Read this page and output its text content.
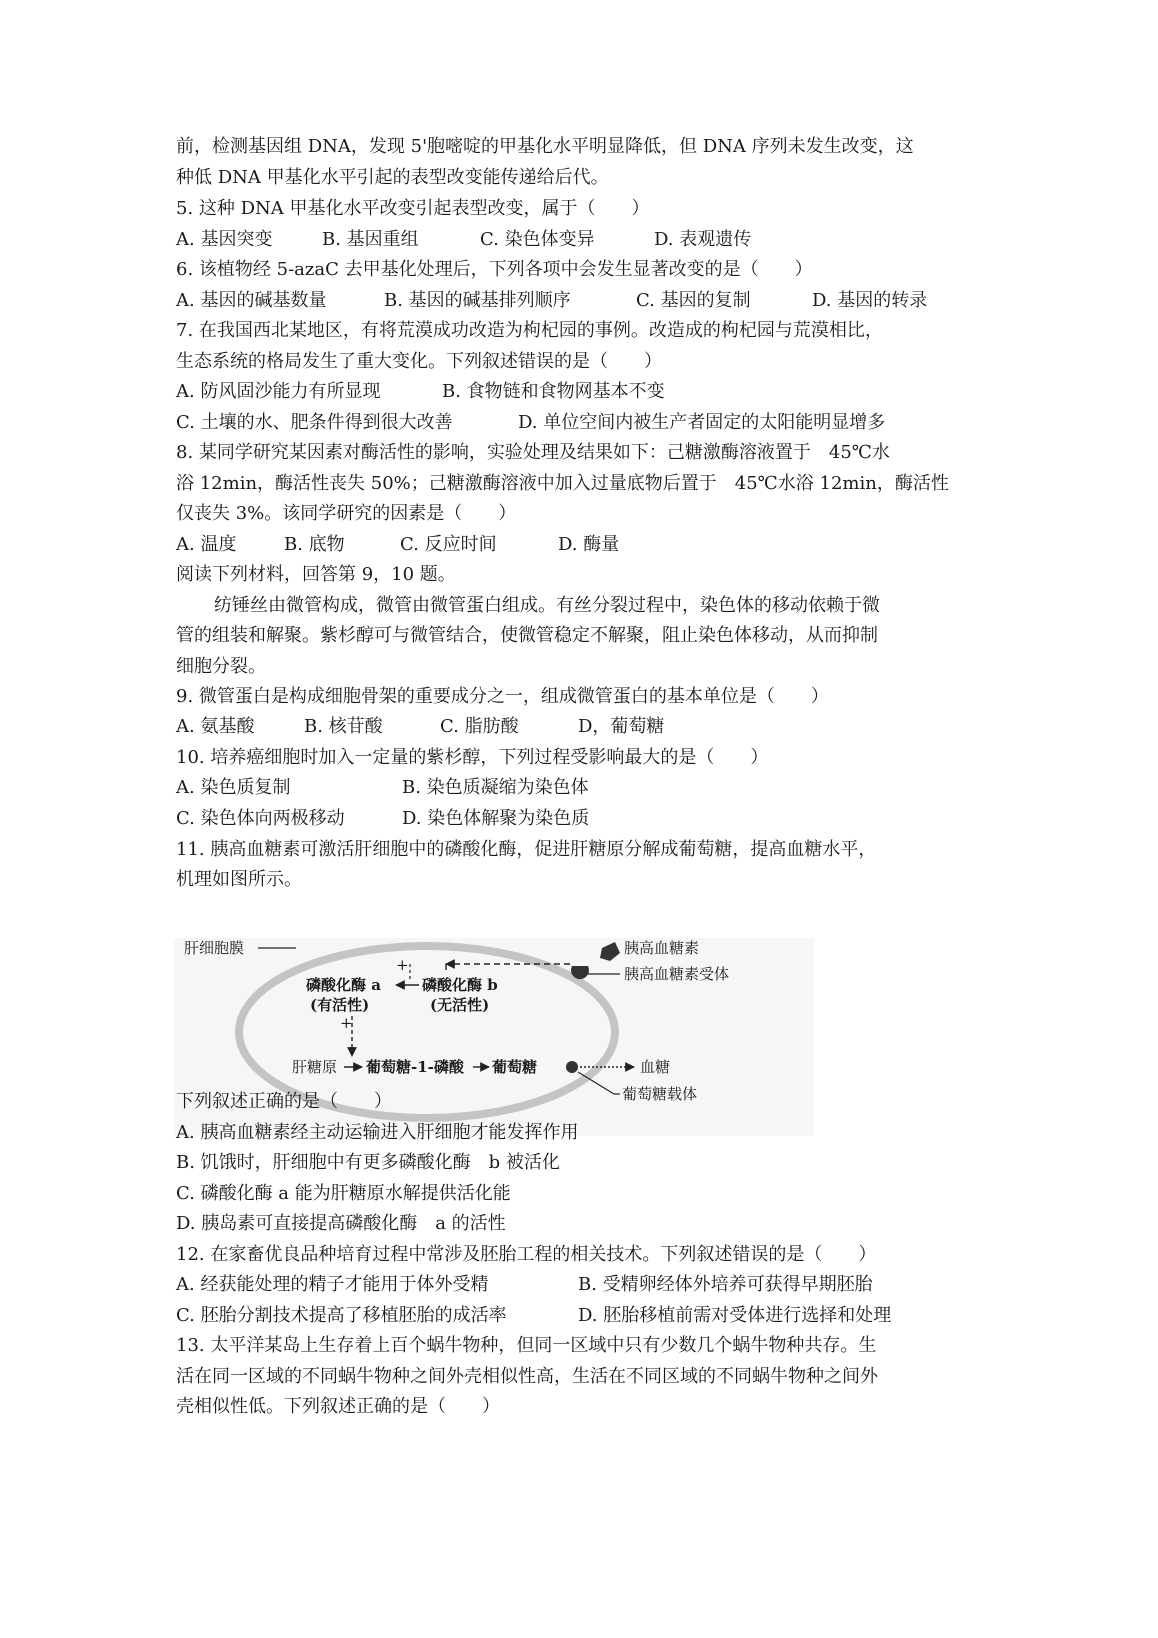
前，检测基因组 DNA，发现 5'胞嘧啶的甲基化水平明显降低，但 DNA 序列未发生改变，这

种低 DNA 甲基化水平引起的表型改变能传递给后代。

5. 这种 DNA 甲基化水平改变引起表型改变，属于（　　）

A. 基因突变	B. 基因重组	C. 染色体变异	D. 表观遗传

6. 该植物经 5-azaC 去甲基化处理后，下列各项中会发生显著改变的是（　　）

A. 基因的碱基数量	B. 基因的碱基排列顺序	C. 基因的复制	D. 基因的转录

7. 在我国西北某地区，有将荒漠成功改造为枸杞园的事例。改造成的枸杞园与荒漠相比，

生态系统的格局发生了重大变化。下列叙述错误的是（　　）

A. 防风固沙能力有所显现	B. 食物链和食物网基本不变
C. 土壤的水、肥条件得到很大改善	D. 单位空间内被生产者固定的太阳能明显增多

8. 某同学研究某因素对酶活性的影响，实验处理及结果如下：己糖激酶溶液置于　45℃水

浴 12min，酶活性丧失 50%；己糖激酶溶液中加入过量底物后置于　45℃水浴 12min，酶活性

仅丧失 3%。该同学研究的因素是（　　）

A. 温度	B. 底物	C. 反应时间	D. 酶量

阅读下列材料，回答第 9，10 题。

纺锤丝由微管构成，微管由微管蛋白组成。有丝分裂过程中，染色体的移动依赖于微

管的组装和解聚。紫杉醇可与微管结合，使微管稳定不解聚，阻止染色体移动，从而抑制

细胞分裂。

9. 微管蛋白是构成细胞骨架的重要成分之一，组成微管蛋白的基本单位是（　　）

A. 氨基酸	B. 核苷酸	C. 脂肪酸	D，葡萄糖

10. 培养癌细胞时加入一定量的紫杉醇，下列过程受影响最大的是（　　）

A. 染色质复制	B. 染色质凝缩为染色体
C. 染色体向两极移动	D. 染色体解聚为染色质

11. 胰高血糖素可激活肝细胞中的磷酸化酶，促进肝糖原分解成葡萄糖，提高血糖水平，

机理如图所示。

肝细胞膜	胰高血糖素
胰高血糖素受体
磷酸化酶 a
(有活性)
磷酸化酶 b
(无活性)
+
+
肝糖原 葡萄糖-1-磷酸 葡萄糖	血糖
葡萄糖载体

下列叙述正确的是（　　）

A. 胰高血糖素经主动运输进入肝细胞才能发挥作用

B. 饥饿时，肝细胞中有更多磷酸化酶　b 被活化

C. 磷酸化酶 a 能为肝糖原水解提供活化能

D. 胰岛素可直接提高磷酸化酶　a 的活性

12. 在家畜优良品种培育过程中常涉及胚胎工程的相关技术。下列叙述错误的是（　　）

A. 经获能处理的精子才能用于体外受精	B. 受精卵经体外培养可获得早期胚胎
C. 胚胎分割技术提高了移植胚胎的成活率	D. 胚胎移植前需对受体进行选择和处理

13. 太平洋某岛上生存着上百个蜗牛物种，但同一区域中只有少数几个蜗牛物种共存。生

活在同一区域的不同蜗牛物种之间外壳相似性高，生活在不同区域的不同蜗牛物种之间外

壳相似性低。下列叙述正确的是（　　）
